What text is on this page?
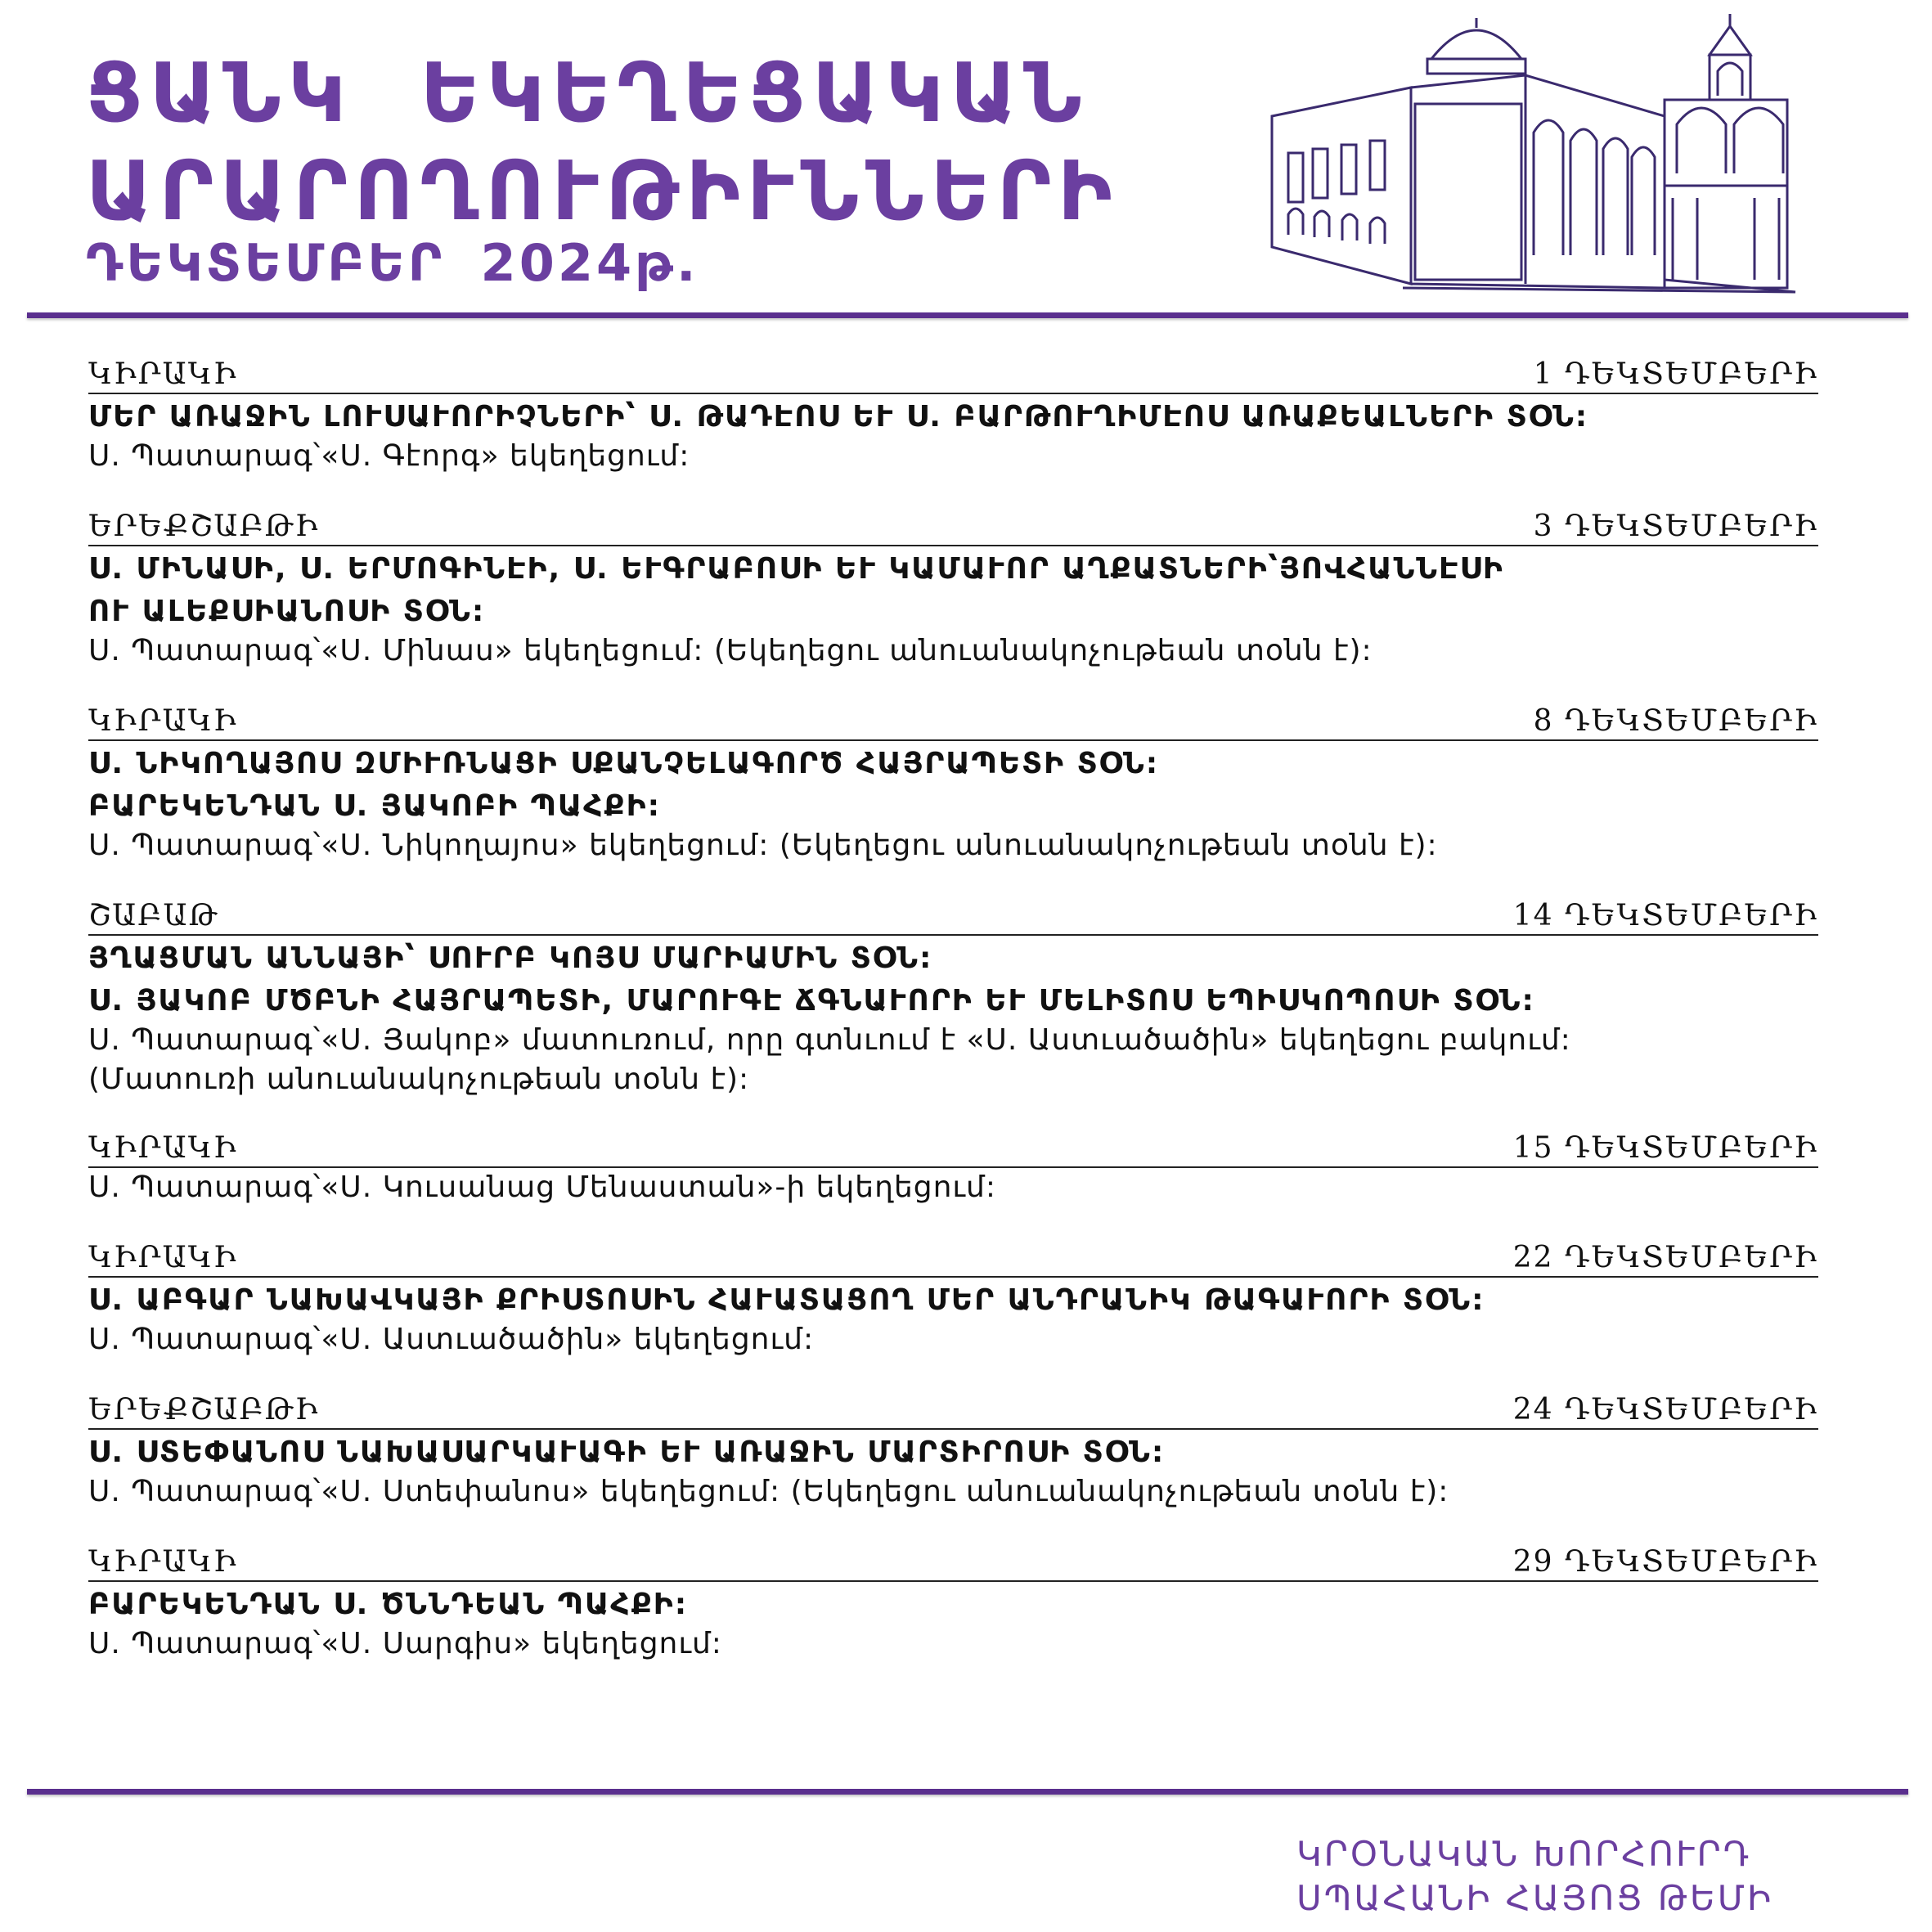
ՑԱՆԿ ԵԿԵՂԵՑԱԿԱՆ
ԱՐԱՐՈՂՈՒԹԻՒՆՆԵՐԻ
ԴԵԿՏԵՄԲԵՐ 2024թ.
ԿԻՐԱԿԻ	1 ԴԵԿՏԵՄԲԵՐԻ
ՄԵՐ ԱՌԱՋԻՆ ԼՈՒՍԱՒՈՐԻՉՆԵՐԻ՝ Ս. ԹԱԴԷՈՍ ԵՒ Ս. ԲԱՐԹՈՒՂԻՄԷՈՍ ԱՌԱՔԵԱԼՆԵՐԻ ՏՕՆ:
Ս. Պատարագ՝«Ս. Գէորգ» եկեղեցում:
ԵՐԵՔՇԱԲԹԻ	3 ԴԵԿՏԵՄԲԵՐԻ
Ս. ՄԻՆԱՍԻ, Ս. ԵՐՄՈԳԻՆԷԻ, Ս. ԵՒԳՐԱԲՈՍԻ ԵՒ ԿԱՄԱՒՈՐ ԱՂՔԱՏՆԵՐԻ՝ՅՈՎՀԱՆՆԷՍԻ
ՈՒ ԱԼԵՔՍԻԱՆՈՍԻ ՏՕՆ:
Ս. Պատարագ՝«Ս. Մինաս» եկեղեցում: (Եկեղեցու անուանակոչութեան տօնն է):
ԿԻՐԱԿԻ	8 ԴԵԿՏԵՄԲԵՐԻ
Ս. ՆԻԿՈՂԱՅՈՍ ԶՄԻՒՌՆԱՑԻ ՍՔԱՆՉԵԼԱԳՈՐԾ ՀԱՅՐԱՊԵՏԻ ՏՕՆ:
ԲԱՐԵԿԵՆԴԱՆ Ս. ՅԱԿՈԲԻ ՊԱՀՔԻ:
Ս. Պատարագ՝«Ս. Նիկողայոս» եկեղեցում: (Եկեղեցու անուանակոչութեան տօնն է):
ՇԱԲԱԹ	14 ԴԵԿՏԵՄԲԵՐԻ
ՅՂԱՑՄԱՆ ԱՆՆԱՅԻ՝ ՍՈՒՐԲ ԿՈՅՍ ՄԱՐԻԱՄԻՆ ՏՕՆ:
Ս. ՅԱԿՈԲ ՄԾԲՆԻ ՀԱՅՐԱՊԵՏԻ, ՄԱՐՈՒԳԷ ՃԳՆԱՒՈՐԻ ԵՒ ՄԵԼԻՏՈՍ ԵՊԻՍԿՈՊՈՍԻ ՏՕՆ:
Ս. Պատարագ՝«Ս. Յակոբ» մատուռում, որը գտնւում է «Ս. Աստւածածին» եկեղեցու բակում:
(Մատուռի անուանակոչութեան տօնն է):
ԿԻՐԱԿԻ	15 ԴԵԿՏԵՄԲԵՐԻ
Ս. Պատարագ՝«Ս. Կուսանաց Մենաստան»-ի եկեղեցում:
ԿԻՐԱԿԻ	22 ԴԵԿՏԵՄԲԵՐԻ
Ս. ԱԲԳԱՐ ՆԱԽԱՎԿԱՅԻ ՔՐԻՍՏՈՍԻՆ ՀԱՒԱՏԱՑՈՂ ՄԵՐ ԱՆԴՐԱՆԻԿ ԹԱԳԱՒՈՐԻ ՏՕՆ:
Ս. Պատարագ՝«Ս. Աստւածածին» եկեղեցում:
ԵՐԵՔՇԱԲԹԻ	24 ԴԵԿՏԵՄԲԵՐԻ
Ս. ՍՏԵՓԱՆՈՍ ՆԱԽԱՍԱՐԿԱՒԱԳԻ ԵՒ ԱՌԱՋԻՆ ՄԱՐՏԻՐՈՍԻ ՏՕՆ:
Ս. Պատարագ՝«Ս. Ստեփանոս» եկեղեցում: (Եկեղեցու անուանակոչութեան տօնն է):
ԿԻՐԱԿԻ	29 ԴԵԿՏԵՄԲԵՐԻ
ԲԱՐԵԿԵՆԴԱՆ Ս. ԾՆՆԴԵԱՆ ՊԱՀՔԻ:
Ս. Պատարագ՝«Ս. Սարգիս» եկեղեցում:
ԿՐՕՆԱԿԱՆ ԽՈՐՀՈՒՐԴ
ՍՊԱՀԱՆԻ ՀԱՅՈՑ ԹԵՄԻ
